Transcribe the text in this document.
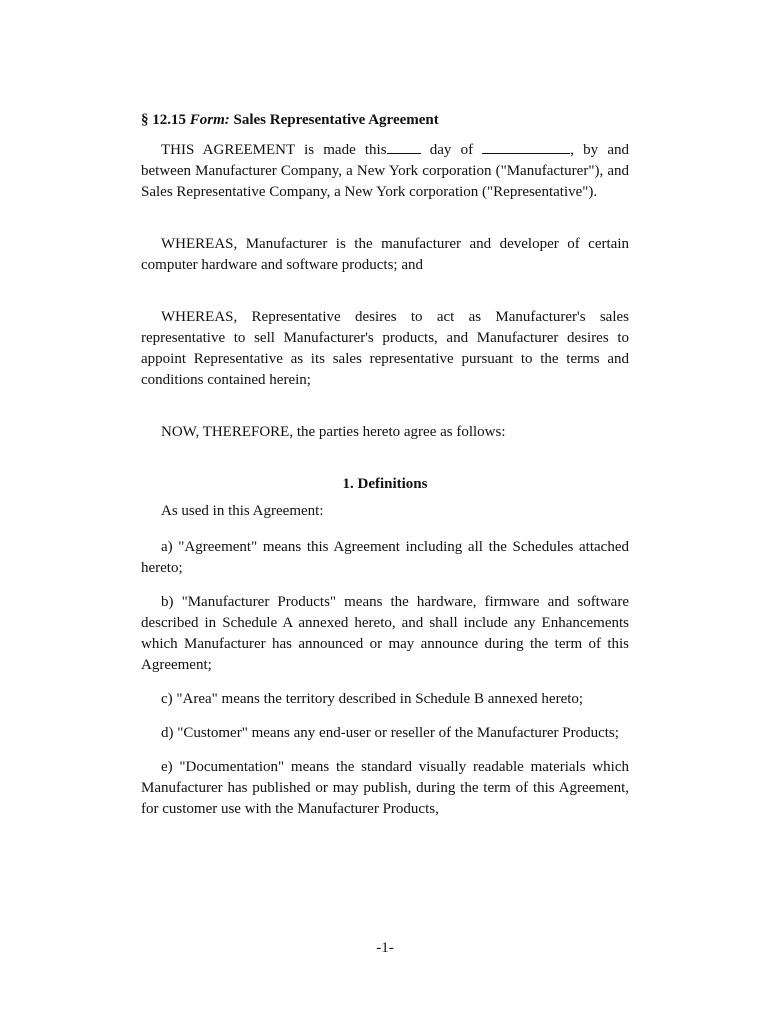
§ 12.15 Form: Sales Representative Agreement

THIS AGREEMENT is made this day of	, by and between Manufacturer Company, a New York corporation ("Manufacturer"), and Sales Representative Company, a New York corporation ("Representative").

WHEREAS, Manufacturer is the manufacturer and developer of certain computer hardware and software products; and

WHEREAS, Representative desires to act as Manufacturer's sales representative to sell Manufacturer's products, and Manufacturer desires to appoint Representative as its sales representative pursuant to the terms and conditions contained herein;

NOW, THEREFORE, the parties hereto agree as follows:

1. Definitions

As used in this Agreement:

a) "Agreement" means this Agreement including all the Schedules attached hereto;

b) "Manufacturer Products" means the hardware, firmware and software described in Schedule A annexed hereto, and shall include any Enhancements which Manufacturer has announced or may announce during the term of this Agreement;

c) "Area" means the territory described in Schedule B annexed hereto;

d) "Customer" means any end-user or reseller of the Manufacturer Products;

e) "Documentation" means the standard visually readable materials which Manufacturer has published or may publish, during the term of this Agreement, for customer use with the Manufacturer Products,

-1-
